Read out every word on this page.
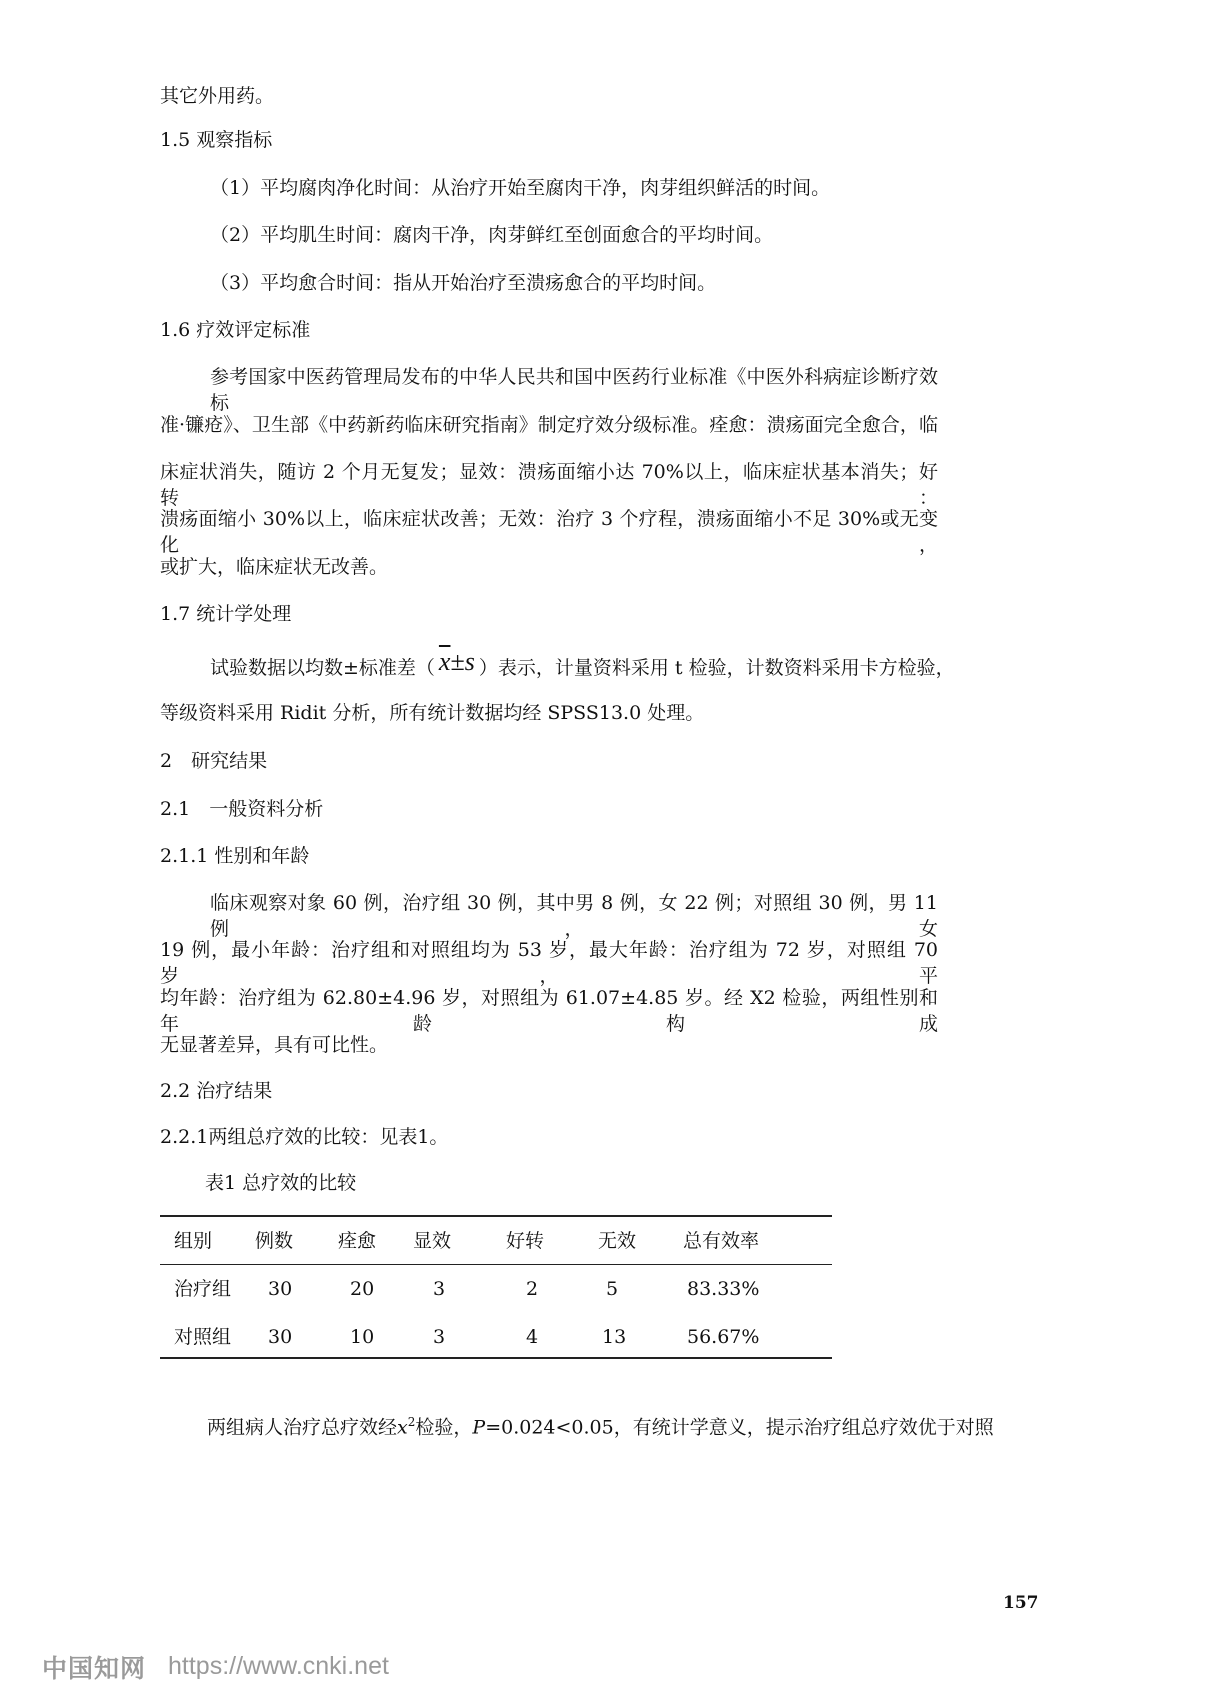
其它外用药。
1.5 观察指标
（1）平均腐肉净化时间：从治疗开始至腐肉干净，肉芽组织鲜活的时间。
（2）平均肌生时间：腐肉干净，肉芽鲜红至创面愈合的平均时间。
（3）平均愈合时间：指从开始治疗至溃疡愈合的平均时间。
1.6 疗效评定标准
参考国家中医药管理局发布的中华人民共和国中医药行业标准《中医外科病症诊断疗效标
准·镰疮》、卫生部《中药新药临床研究指南》制定疗效分级标准。痊愈：溃疡面完全愈合，临
床症状消失，随访 2 个月无复发；显效：溃疡面缩小达 70%以上，临床症状基本消失；好转：
溃疡面缩小 30%以上，临床症状改善；无效：治疗 3 个疗程，溃疡面缩小不足 30%或无变化，
或扩大，临床症状无改善。
1.7 统计学处理
试验数据以均数±标准差（ $\overline{x}\pm s$ ）表示，计量资料采用 t 检验，计数资料采用卡方检验，
等级资料采用 Ridit 分析，所有统计数据均经 SPSS13.0 处理。
2　研究结果
2.1　一般资料分析
2.1.1 性别和年龄
临床观察对象 60 例，治疗组 30 例，其中男 8 例，女 22 例；对照组 30 例，男 11 例，女
19 例，最小年龄：治疗组和对照组均为 53 岁，最大年龄：治疗组为 72 岁，对照组 70 岁，平
均年龄：治疗组为 62.80±4.96 岁，对照组为 61.07±4.85 岁。经 X2 检验，两组性别和年龄构成
无显著差异，具有可比性。
2.2 治疗结果
2.2.1两组总疗效的比较：见表1。
表1 总疗效的比较
组别 例数 痊愈 显效	好转	无效 总有效率
治疗组 30	20	3	2	5	83.33%
对照组 30	10	3	4	13	56.67%
两组病人治疗总疗效经$x^2$检验，P=0.024<0.05，有统计学意义，提示治疗组总疗效优于对照
157
中国知网 https://www.cnki.net
